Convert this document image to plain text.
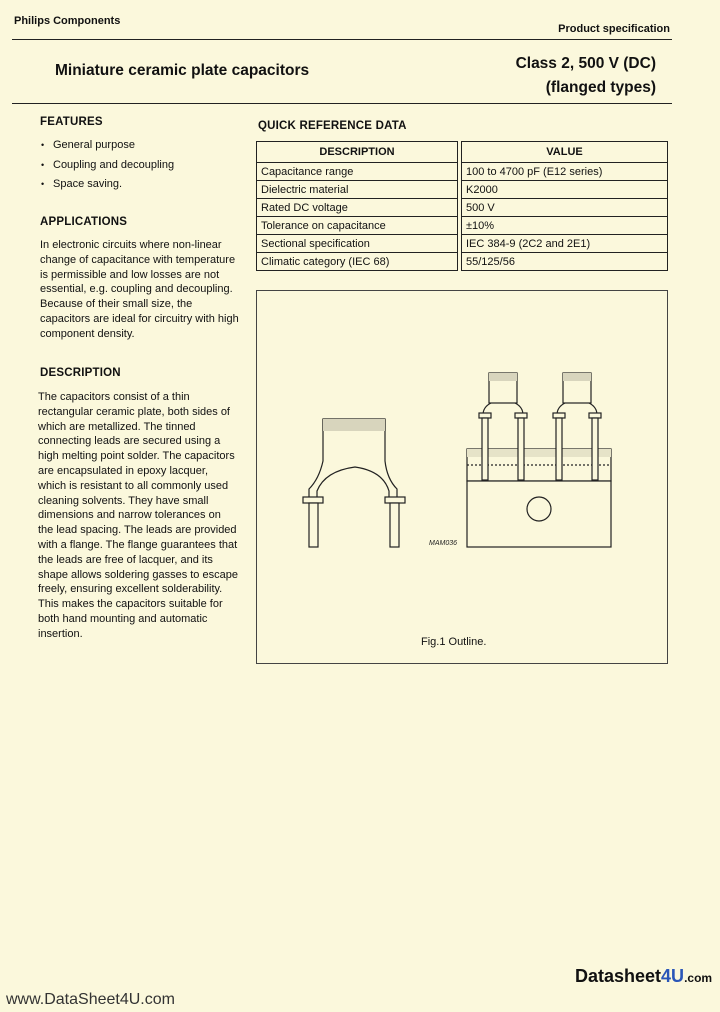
Philips Components
Product specification
Miniature ceramic plate capacitors	Class 2, 500 V (DC)
(flanged types)
FEATURES
• General purpose
• Coupling and decoupling
• Space saving.
APPLICATIONS
In electronic circuits where non-linear change of capacitance with temperature is permissible and low losses are not essential, e.g. coupling and decoupling. Because of their small size, the capacitors are ideal for circuitry with high component density.
DESCRIPTION
The capacitors consist of a thin rectangular ceramic plate, both sides of which are metallized. The tinned connecting leads are secured using a high melting point solder. The capacitors are encapsulated in epoxy lacquer, which is resistant to all commonly used cleaning solvents. They have small dimensions and narrow tolerances on the lead spacing. The leads are provided with a flange. The flange guarantees that the leads are free of lacquer, and its shape allows soldering gasses to escape freely, ensuring excellent solderability. This makes the capacitors suitable for both hand mounting and automatic insertion.
QUICK REFERENCE DATA
DESCRIPTION		VALUE
Capacitance range		100 to 4700 pF (E12 series)
Dielectric material		K2000
Rated DC voltage		500 V
Tolerance on capacitance		±10%
Sectional specification		IEC 384-9 (2C2 and 2E1)
Climatic category (IEC 68)		55/125/56
MAM036
Fig.1 Outline.
www.DataSheet4U.com
Datasheet4U.com
